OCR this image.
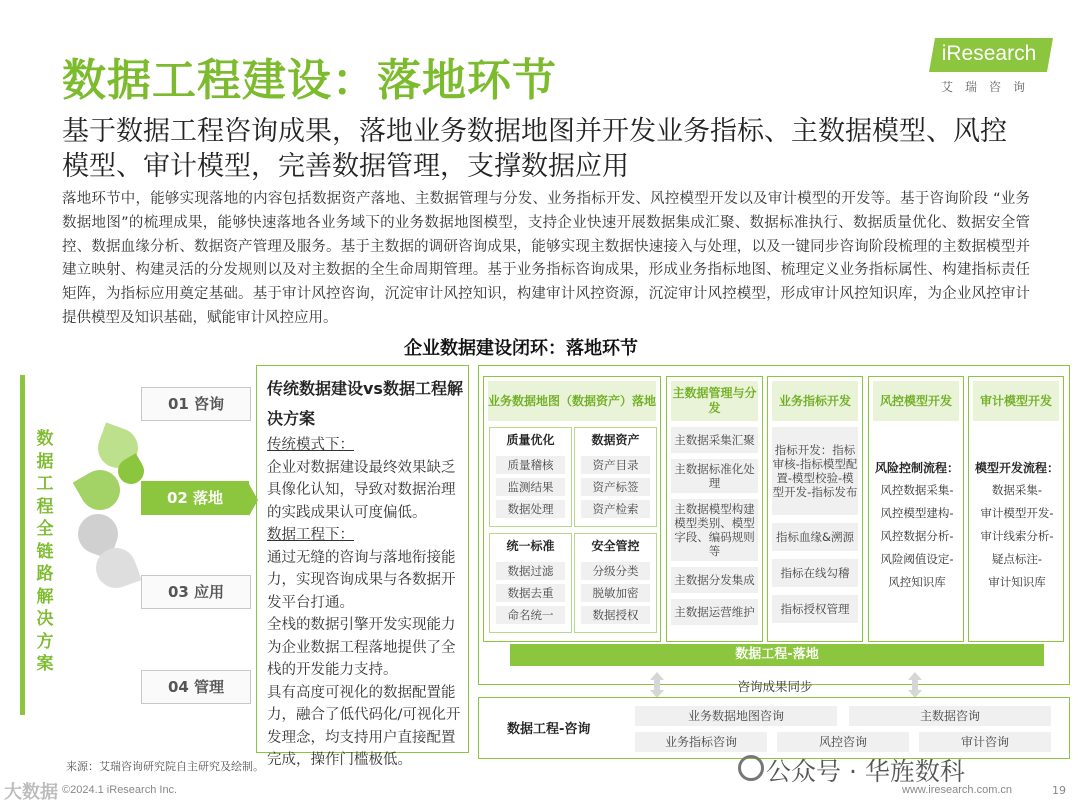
数据工程建设：落地环节
iResearch
艾瑞咨询
基于数据工程咨询成果，落地业务数据地图并开发业务指标、主数据模型、风控模型、审计模型，完善数据管理，支撑数据应用
落地环节中，能够实现落地的内容包括数据资产落地、主数据管理与分发、业务指标开发、风控模型开发以及审计模型的开发等。基于咨询阶段 “业务数据地图”的梳理成果，能够快速落地各业务域下的业务数据地图模型，支持企业快速开展数据集成汇聚、数据标准执行、数据质量优化、数据安全管控、数据血缘分析、数据资产管理及服务。基于主数据的调研咨询成果，能够实现主数据快速接入与处理，以及一键同步咨询阶段梳理的主数据模型并建立映射、构建灵活的分发规则以及对主数据的全生命周期管理。基于业务指标咨询成果，形成业务指标地图、梳理定义业务指标属性、构建指标责任矩阵，为指标应用奠定基础。基于审计风控咨询，沉淀审计风控知识，构建审计风控资源，沉淀审计风控模型，形成审计风控知识库，为企业风控审计提供模型及知识基础，赋能审计风控应用。
企业数据建设闭环：落地环节
数据工程全链路解决方案
01 咨询
02 落地
03 应用
04 管理
传统数据建设vs数据工程解决方案
传统模式下：
企业对数据建设最终效果缺乏具像化认知，导致对数据治理的实践成果认可度偏低。
数据工程下：
通过无缝的咨询与落地衔接能力，实现咨询成果与各数据开发平台打通。
全栈的数据引擎开发实现能力为企业数据工程落地提供了全栈的开发能力支持。
具有高度可视化的数据配置能力，融合了低代码化/可视化开发理念，均支持用户直接配置完成，操作门槛极低。
业务数据地图（数据资产）落地
质量优化
质量稽核
监测结果
数据处理
数据资产
资产目录
资产标签
资产检索
统一标准
数据过滤
数据去重
命名统一
安全管控
分级分类
脱敏加密
数据授权
主数据管理与分发
主数据采集汇聚
主数据标准化处理
主数据模型构建模型类别、模型字段、编码规则等
主数据分发集成
主数据运营维护
业务指标开发
指标开发：指标审核-指标模型配置-模型校验-模型开发-指标发布
指标血缘&溯源
指标在线勾稽
指标授权管理
风控模型开发
风险控制流程：
风控数据采集-
风控模型建构-
风控数据分析-
风险阈值设定-
风控知识库
审计模型开发
模型开发流程：
数据采集-
审计模型开发-
审计线索分析-
疑点标注-
审计知识库
数据工程-落地
咨询成果同步
数据工程-咨询
业务数据地图咨询	主数据咨询
业务指标咨询	风控咨询	审计咨询
来源：艾瑞咨询研究院自主研究及绘制。
大数据 ©2024.1 iResearch Inc.
公众号 · 华旌数科
www.iresearch.com.cn	19
